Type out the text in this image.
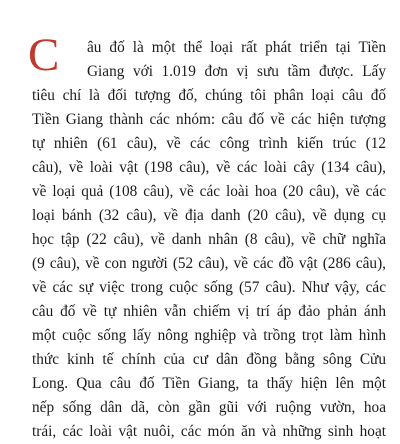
C âu đố là một thể loại rất phát triển tại Tiền
Giang với 1.019 đơn vị sưu tầm được. Lấy
tiêu chí là đối tượng đố, chúng tôi phân loại câu đố
Tiền Giang thành các nhóm: câu đố về các hiện tượng
tự nhiên (61 câu), về các công trình kiến trúc (12
câu), về loài vật (198 câu), về các loài cây (134 câu),
về loại quả (108 câu), về các loài hoa (20 câu), về các
loại bánh (32 câu), về địa danh (20 câu), về dụng cụ
học tập (22 câu), về danh nhân (8 câu), về chữ nghĩa
(9 câu), về con người (52 câu), về các đồ vật (286 câu),
về các sự việc trong cuộc sống (57 câu). Như vậy, các
câu đố về tự nhiên vẫn chiếm vị trí áp đảo phản ánh
một cuộc sống lấy nông nghiệp và trồng trọt làm hình
thức kinh tế chính của cư dân đồng bằng sông Cửu
Long. Qua câu đố Tiền Giang, ta thấy hiện lên một
nếp sống dân dã, còn gần gũi với ruộng vườn, hoa
trái, các loài vật nuôi, các món ăn và những sinh hoạt
